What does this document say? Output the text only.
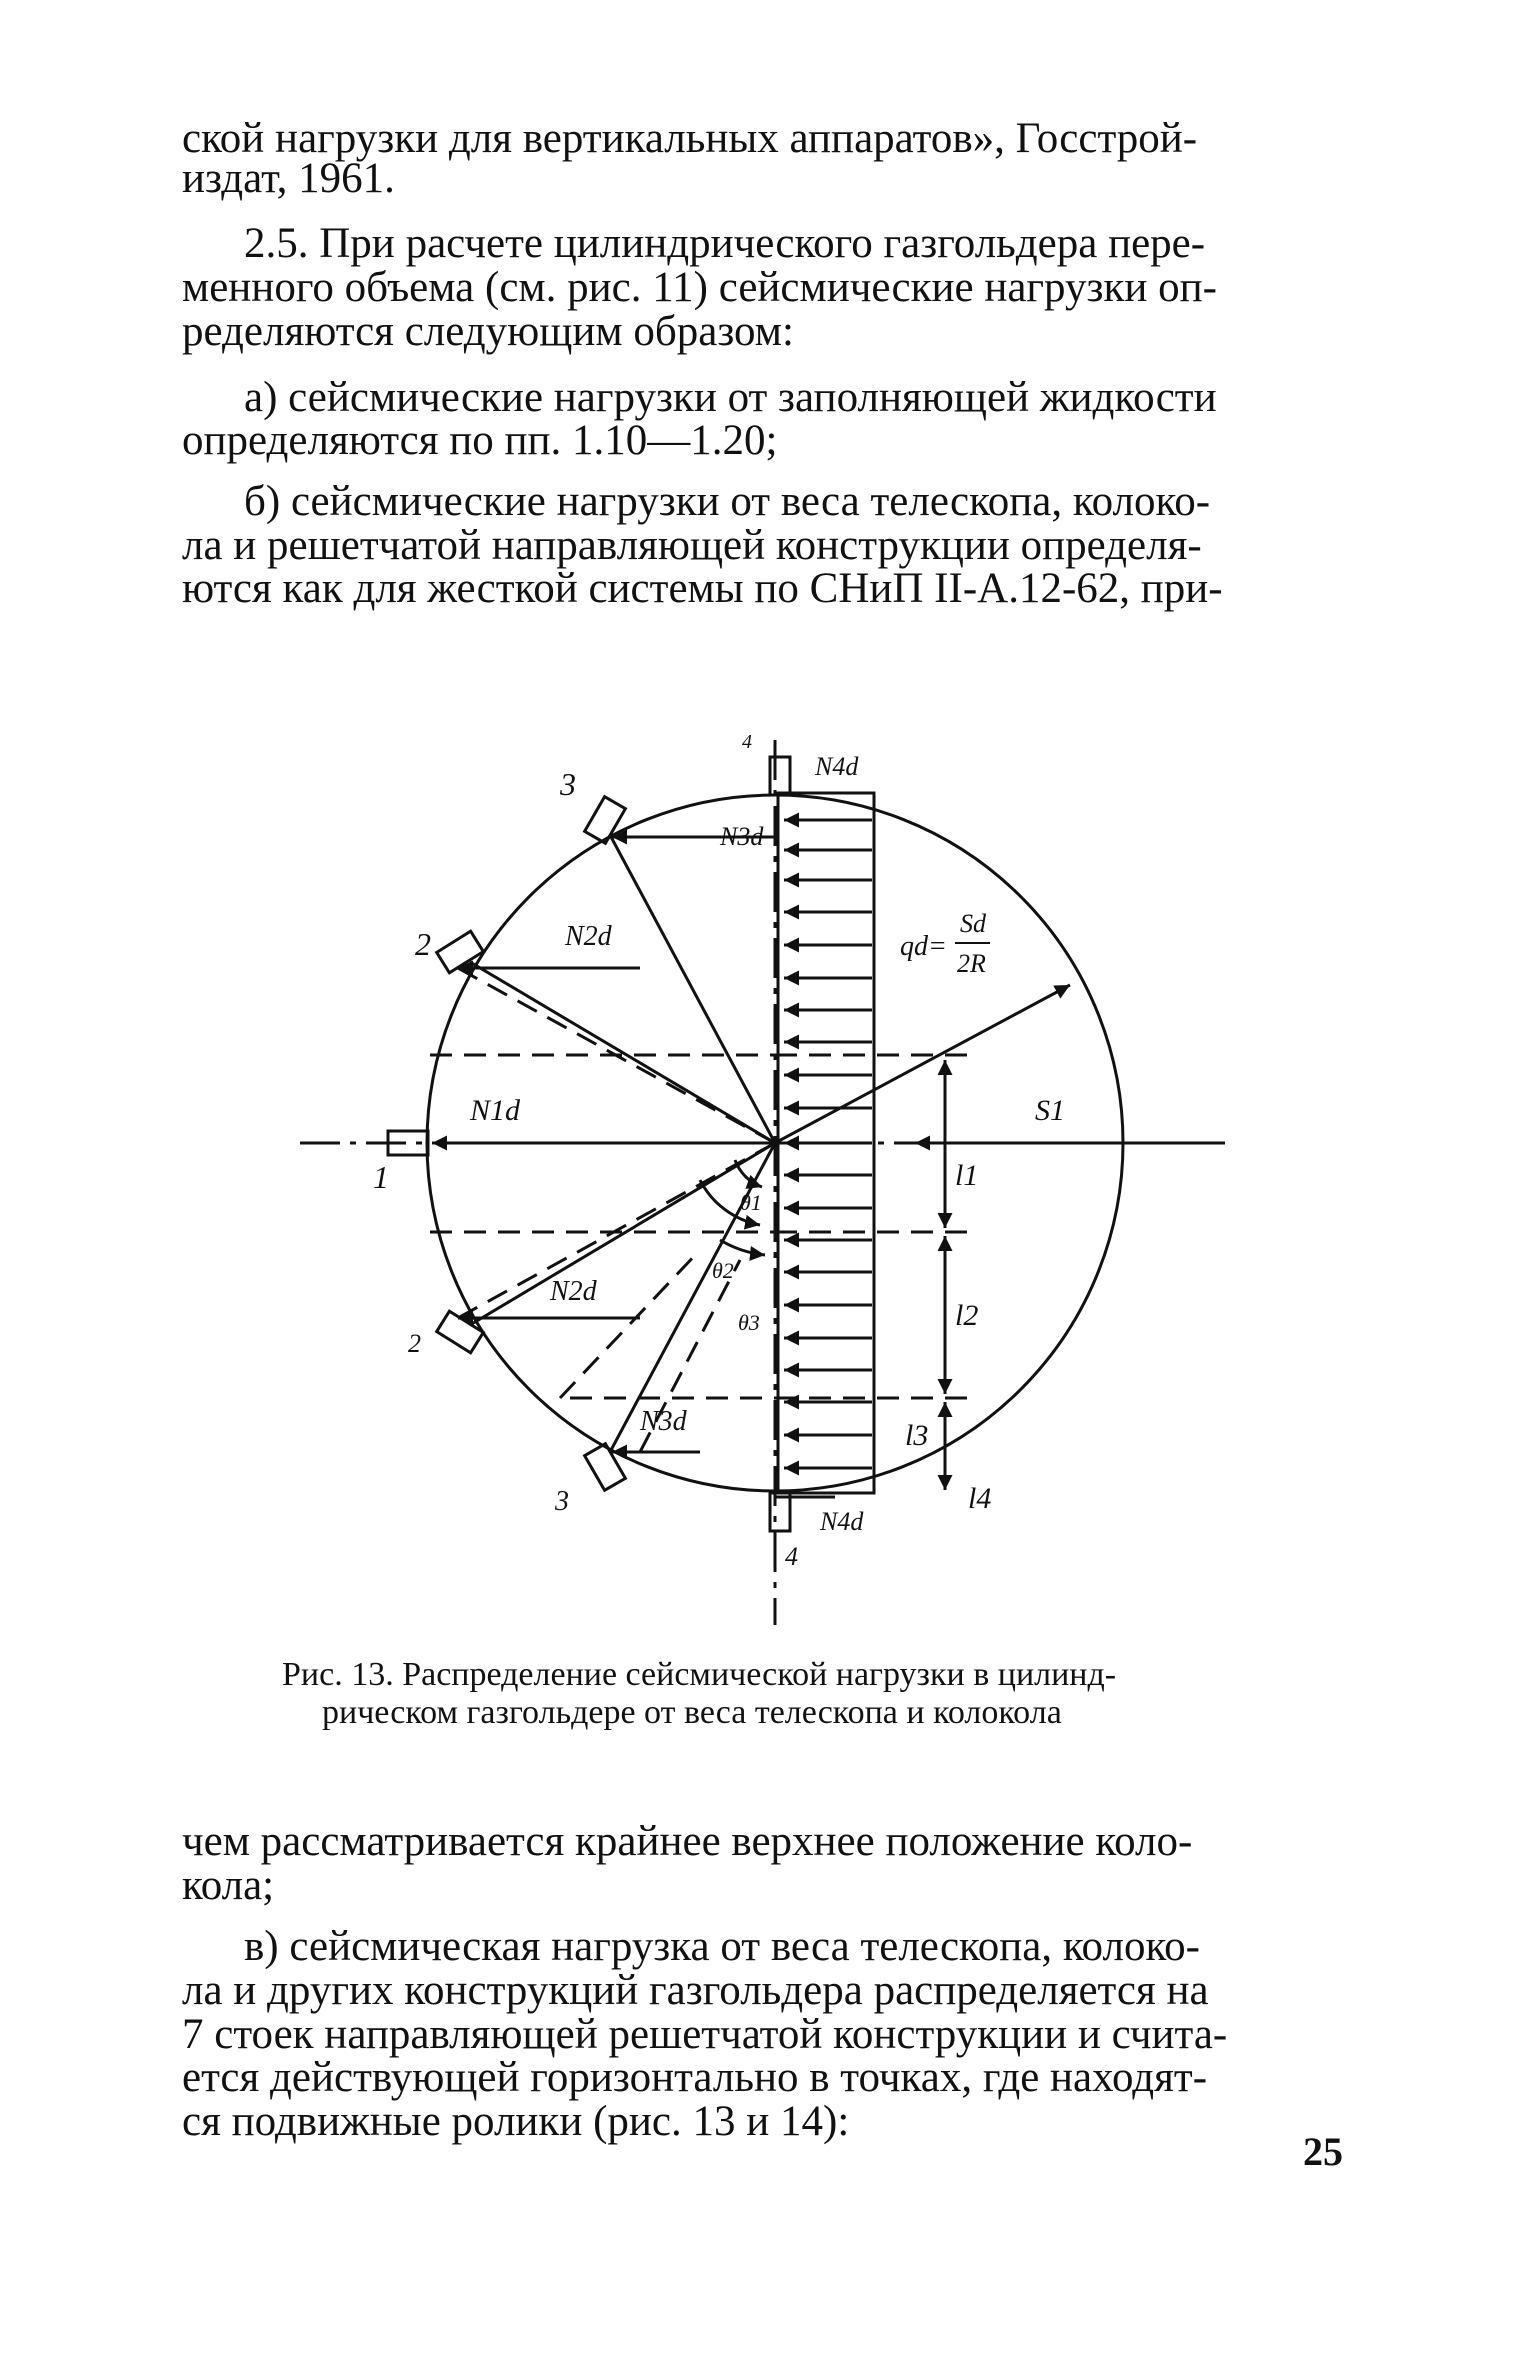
ской нагрузки для вертикальных аппаратов», Госстрой-
издат, 1961.
2.5. При расчете цилиндрического газгольдера пере-
менного объема (см. рис. 11) сейсмические нагрузки оп-
ределяются следующим образом:
а) сейсмические нагрузки от заполняющей жидкости
определяются по пп. 1.10—1.20;
б) сейсмические нагрузки от веса телескопа, колоко-
ла и решетчатой направляющей конструкции определя-
ются как для жесткой системы по СНиП II-А.12-62, при-
4
N4d
3
N3d
2	N2d	qd=
Sd
2R
N1d	S1
1
θ1
l1
θ2
N2d
θ3	l2
2
N3d	l3
l4
3
N4d
4
Рис. 13. Распределение сейсмической нагрузки в цилинд-
рическом газгольдере от веса телескопа и колокола
чем рассматривается крайнее верхнее положение коло-
кола;
в) сейсмическая нагрузка от веса телескопа, колоко-
ла и других конструкций газгольдера распределяется на
7 стоек направляющей решетчатой конструкции и счита-
ется действующей горизонтально в точках, где находят-
ся подвижные ролики (рис. 13 и 14):
25
